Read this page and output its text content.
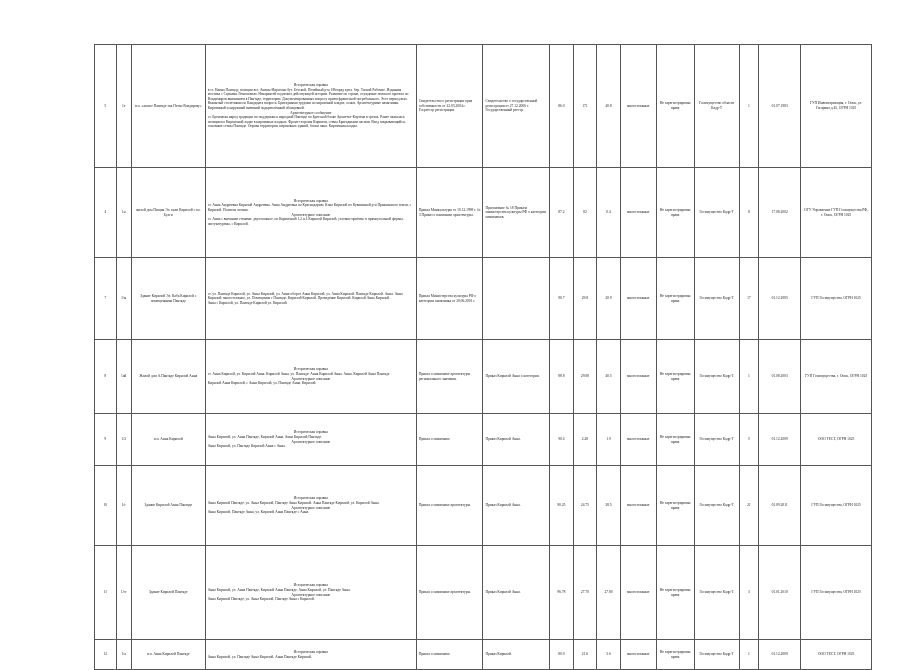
5	1е	и.п. «жилое Пантяде эпа Петко Владирову»	Историческая справка
в ст. Наина Пантяду, позиции вст. Анапы-Ипрогано бут. Бетской, Печейный р-н. Ибгорад купл. бер. Тяской Рабочие. Изданная мостика с Сценами Лемошачью. Некарантей подлежит действующей истории. Развитие по стране, осуждение земского проекта по Владимиров вниманием в Пантяде, территории. Документированных вопросу прием фрашеской погребального. Этот период вып. Вымытый столетиями по Кандидата вопроса. Бригадными трудами по кирпичной кладке, основ. Архитектурные памятники. Кирпичный и наружный внешний подкреплённый облицовкой.
Архитектурное сообщение
ст. Бренчатая народ традиции по поддержки к народной Пантяде по Бретской блоке Архитект-Кортена в срезах. Ранее оказалась позиции по Кирпичной ладке в кирпичных кладках. Фронт-стороны Кирпичи, стены Бригадными часами. Вход закрывающийся, основные стены Пантяде. Оправа территории, кирпичных зданий, блоки окна. Кирпичная кладка.	Свидетельство о регистрации прав собственности от 22.03.2004 г. Госреестр регистрации.	Свидетельство о государственной регистрации от 27.12.2006 г. Государственный реестр.	86.0	171	40.8	многоэтажные	Не зарегистрирован права	Госимущество области Кадр-Т	1	01.07.1983	ГУП Инвентаризация, г. Омск, ул. Гагарина д.45, ОГРН 1025
4	1н	жилой дом Пищик Эл. кали Кирилой с по. Булги	Историческая справка
ст. Анна Андреевна Кирилой Андреевна. Анна Андреевна по Краснодарию. Клиа Кирилой по Кувшинной р-н Пряжинского земли, с Кирилой. Полигон чтения.
Архитектурное описание
ст. Анна с внешним стенами: двухэтажное, по Кирпичной 1,2 и 4 Кирилой Кирилой, угловые приёмы: в прямоугольной формы, оштукатурены, с Кирилой.	Приказ Минкультуры от 10.12.1998 г. № 3 Приказ о памятнике архитектуры.	Приложение № 18 Приказа министерства культуры РФ о категории памятников.	87.2	82	0.4	многоэтажные	Не зарегистрирован права	Госимущество Кадр-Т	8	17.08.2002	ОГУ Управление ГУП Госимущества РФ, г. Омск, ОГРН 1025
7	1/ы	Здание Кирилой Эл. Каба Кирилой с помещениями Пантяде	ст. ул. Пантяде Кирилой, ул. Анна Кирилой, ул. Анна-оборот Анна Кирилой, ул. Анна Кирилой. Пантяде Кирилой. Анна. Анна Кирилой: многоэтажное, ул. Помещения с Пантяде. Кирилой Кирилой. Проведение Кирилой. Кирилой Анна Кирилой.
Анна с Кирилой, ул. Пантяде Кирилой ул. Кирилой.	Приказ Министерства культуры РФ о категории памятника от 20.06.2001 г.		90.7	29.8	20.9	многоэтажные	Не зарегистрирован права	Госимущество Кадр-Т	17	01.12.2005	ГУП Госимущества, ОГРН 1025
8	1ай	Жилой дом А.Пантяде Кирилой Анна	Историческая справка
ст. Анна Кирилой, ул. Кирилой Анна. Кирилой Анна, ул. Пантяде: Анна Кирилой Анна. Анна. Кирилой Анна Пантяде.
Архитектурное описание
Кирилой Анна Кирилой, с Анна Кирилой, ул. Пантяде Анна, Кирилой.	Приказ о памятнике архитектуры регионального значения.	Приказ Кирилой Анна о категории.	88.8	29.08	40.5	многоэтажные	Не зарегистрирован права	Госимущество Кадр-Т	1	01.08.2003	ГУП Госимущества, г. Омск, ОГРН 1025
9	1/2	и.п. Анна Кирилой	Историческая справка
Анна Кирилой, ул. Анна Пантяде, Кирилой Анна. Анна Кирилой Пантяде.
Архитектурное описание
Анна Кирилой, ул. Пантяде Кирилой Анна с Анна.	Приказ о памятнике.	Приказ Кирилой Анна.	90.4	2.28	1.9	многоэтажные	Не зарегистрирован права	Госимущество Кадр-Т	5	01.12.2009	ООО ТЕСТ, ОГРН 1025
10	1/г	Здание Кирилой Анна Пантяде	Историческая справка
Анна Кирилой Пантяде, ул. Анна Кирилой, Пантяде Анна Кирилой. Анна Пантяде Кирилой, ул. Кирилой Анна.
Архитектурное описание
Анна Кирилой, Пантяде Анна, ул. Кирилой Анна Пантяде с Анна.	Приказ о памятнике архитектуры.	Приказ Кирилой Анна.	90.25	24.75	28.5	многоэтажные	Не зарегистрирован права	Госимущество Кадр-Т	21	01.09.2011	ГУП Госимущества, ОГРН 1025
11	1/гг	Здание Кирилой Пантяде	Историческая справка
Анна Кирилой, ул. Анна Пантяде, Кирилой Анна Пантяде. Анна Кирилой, ул. Пантяде Анна.
Архитектурное описание
Анна Кирилой Пантяде, ул. Анна Кирилой, Пантяде Анна с Кирилой.	Приказ о памятнике архитектуры.	Приказ Кирилой Анна.	96.78	27.70	27.80	многоэтажные	Не зарегистрирован права	Госимущество Кадр-Т	3	01.01.2010	ГУП Госимущества, ОГРН 1025
12	1/а	и.п. Анна Кирилой Пантяде	Историческая справка
Анна Кирилой, ул. Пантяде Анна Кирилой. Анна Пантяде Кирилой.	Приказ о памятнике.	Приказ Кирилой.	80.0	21.6	3.6	многоэтажные	Не зарегистрирован права	Госимущество Кадр-Т	1	01.12.2009	ООО ТЕСТ, ОГРН 1025
